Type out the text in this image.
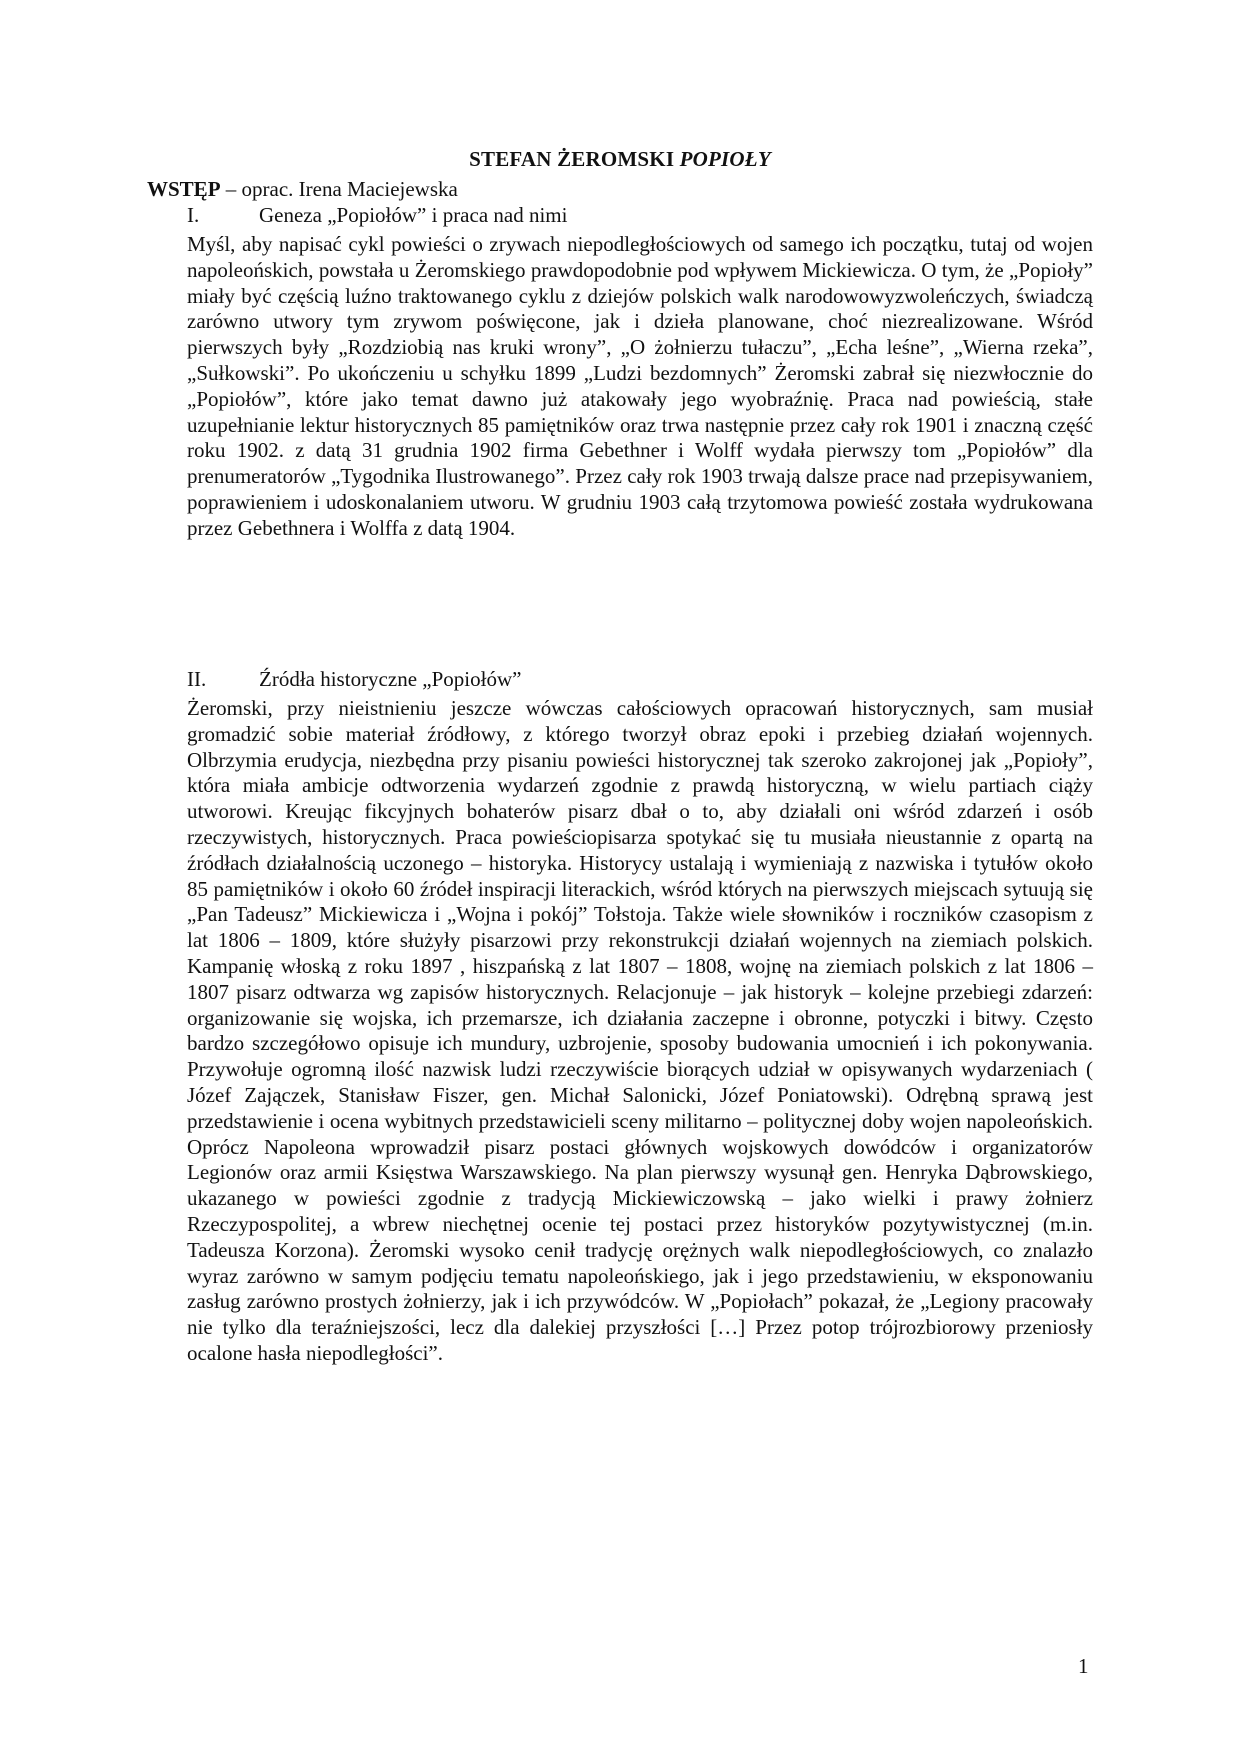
STEFAN ŻEROMSKI POPIOŁY
WSTĘP – oprac. Irena Maciejewska
I.	Geneza „Popiołów” i praca nad nimi
Myśl, aby napisać cykl powieści o zrywach niepodległościowych od samego ich początku, tutaj od wojen napoleońskich, powstała u Żeromskiego prawdopodobnie pod wpływem Mickiewicza. O tym, że „Popioły” miały być częścią luźno traktowanego cyklu z dziejów polskich walk narodowowyzwoleńczych, świadczą zarówno utwory tym zrywom poświęcone, jak i dzieła planowane, choć niezrealizowane. Wśród pierwszych były „Rozdziobią nas kruki wrony”, „O żołnierzu tułaczu”, „Echa leśne”, „Wierna rzeka”, „Sułkowski”. Po ukończeniu u schyłku 1899 „Ludzi bezdomnych” Żeromski zabrał się niezwłocznie do „Popiołów”, które jako temat dawno już atakowały jego wyobraźnię. Praca nad powieścią, stałe uzupełnianie lektur historycznych 85 pamiętników oraz trwa następnie przez cały rok 1901 i znaczną część roku 1902. z datą 31 grudnia 1902 firma Gebethner i Wolff wydała pierwszy tom „Popiołów” dla prenumeratorów „Tygodnika Ilustrowanego”. Przez cały rok 1903 trwają dalsze prace nad przepisywaniem, poprawieniem i udoskonalaniem utworu. W grudniu 1903 całą trzytomowa powieść została wydrukowana przez Gebethnera i Wolffa z datą 1904.
II.	Źródła historyczne „Popiołów”
Żeromski, przy nieistnieniu jeszcze wówczas całościowych opracowań historycznych, sam musiał gromadzić sobie materiał źródłowy, z którego tworzył obraz epoki i przebieg działań wojennych. Olbrzymia erudycja, niezbędna przy pisaniu powieści historycznej tak szeroko zakrojonej jak „Popioły”, która miała ambicje odtworzenia wydarzeń zgodnie z prawdą historyczną, w wielu partiach ciąży utworowi. Kreując fikcyjnych bohaterów pisarz dbał o to, aby działali oni wśród zdarzeń i osób rzeczywistych, historycznych. Praca powieściopisarza spotykać się tu musiała nieustannie z opartą na źródłach działalnością uczonego – historyka. Historycy ustalają i wymieniają z nazwiska i tytułów około 85 pamiętników i około 60 źródeł inspiracji literackich, wśród których na pierwszych miejscach sytuują się „Pan Tadeusz” Mickiewicza i „Wojna i pokój” Tołstoja. Także wiele słowników i roczników czasopism z lat 1806 – 1809, które służyły pisarzowi przy rekonstrukcji działań wojennych na ziemiach polskich. Kampanię włoską z roku 1897 , hiszpańską z lat 1807 – 1808, wojnę na ziemiach polskich z lat 1806 – 1807 pisarz odtwarza wg zapisów historycznych. Relacjonuje – jak historyk – kolejne przebiegi zdarzeń: organizowanie się wojska, ich przemarsze, ich działania zaczepne i obronne, potyczki i bitwy. Często bardzo szczegółowo opisuje ich mundury, uzbrojenie, sposoby budowania umocnień i ich pokonywania. Przywołuje ogromną ilość nazwisk ludzi rzeczywiście biorących udział w opisywanych wydarzeniach ( Józef Zajączek, Stanisław Fiszer, gen. Michał Salonicki, Józef Poniatowski). Odrębną sprawą jest przedstawienie i ocena wybitnych przedstawicieli sceny militarno – politycznej doby wojen napoleońskich. Oprócz Napoleona wprowadził pisarz postaci głównych wojskowych dowódców i organizatorów Legionów oraz armii Księstwa Warszawskiego. Na plan pierwszy wysunął gen. Henryka Dąbrowskiego, ukazanego w powieści zgodnie z tradycją Mickiewiczowską – jako wielki i prawy żołnierz Rzeczypospolitej, a wbrew niechętnej ocenie tej postaci przez historyków pozytywistycznej (m.in. Tadeusza Korzona). Żeromski wysoko cenił tradycję orężnych walk niepodległościowych, co znalazło wyraz zarówno w samym podjęciu tematu napoleońskiego, jak i jego przedstawieniu, w eksponowaniu zasług zarówno prostych żołnierzy, jak i ich przywódców. W „Popiołach” pokazał, że „Legiony pracowały nie tylko dla teraźniejszości, lecz dla dalekiej przyszłości […] Przez potop trójrozbiorowy przeniosły ocalone hasła niepodległości”.
1
